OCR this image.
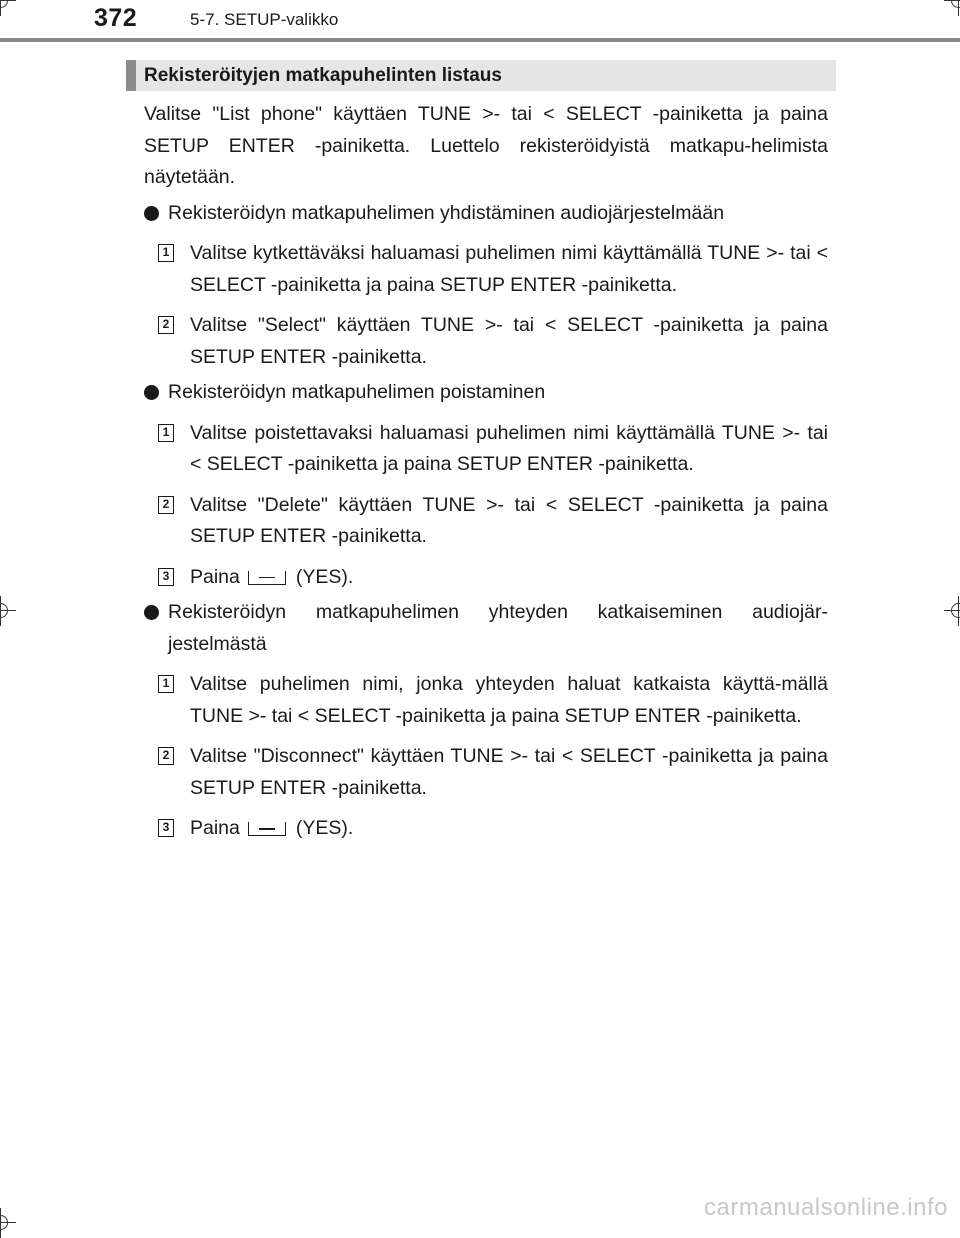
372	5-7. SETUP-valikko
Rekisteröityjen matkapuhelinten listaus

Valitse "List phone" käyttäen TUNE >- tai < SELECT -painiketta ja paina SETUP ENTER -painiketta. Luettelo rekisteröidyistä matkapu-helimista näytetään.

Rekisteröidyn matkapuhelimen yhdistäminen audiojärjestelmään
1 Valitse kytkettäväksi haluamasi puhelimen nimi käyttämällä TUNE >- tai < SELECT -painiketta ja paina SETUP ENTER -painiketta.
2 Valitse "Select" käyttäen TUNE >- tai < SELECT -painiketta ja paina SETUP ENTER -painiketta.
Rekisteröidyn matkapuhelimen poistaminen
1 Valitse poistettavaksi haluamasi puhelimen nimi käyttämällä TUNE >- tai < SELECT -painiketta ja paina SETUP ENTER -painiketta.
2 Valitse "Delete" käyttäen TUNE >- tai < SELECT -painiketta ja paina SETUP ENTER -painiketta.
3 Paina	(YES).
Rekisteröidyn matkapuhelimen yhteyden katkaiseminen audiojär-jestelmästä
1 Valitse puhelimen nimi, jonka yhteyden haluat katkaista käyttä-mällä TUNE >- tai < SELECT -painiketta ja paina SETUP ENTER -painiketta.
2 Valitse "Disconnect" käyttäen TUNE >- tai < SELECT -painiketta ja paina SETUP ENTER -painiketta.
3 Paina	(YES).
carmanualsonline.info
